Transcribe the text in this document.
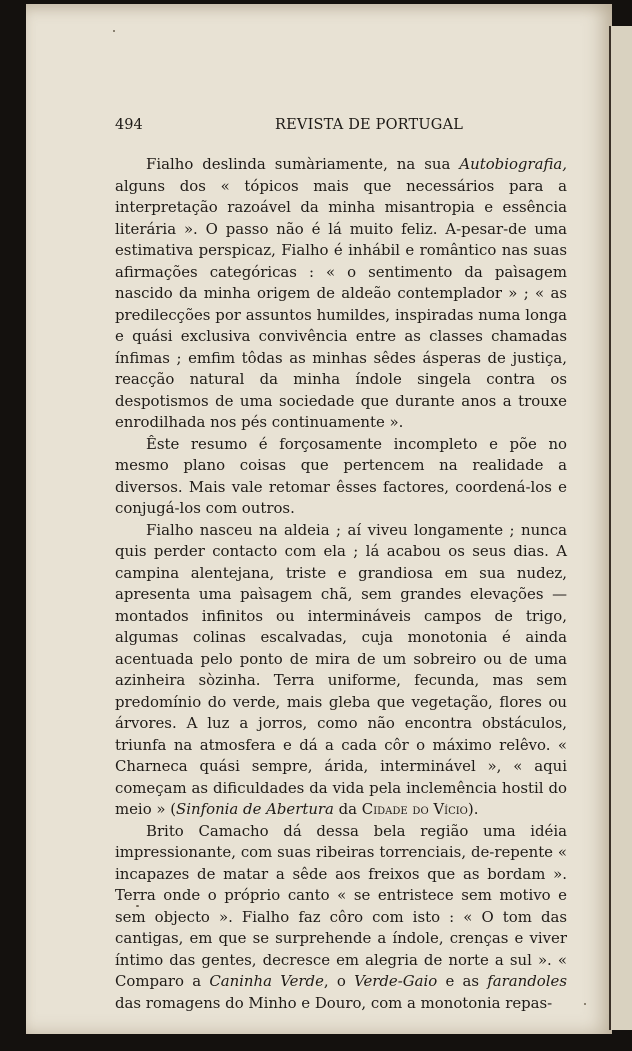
494	REVISTA DE PORTUGAL

Fialho deslinda sumàriamente, na sua Autobiografia, alguns dos « tópicos mais que necessários para a interpretação razoável da minha misantropia e essência literária ». O passo não é lá muito feliz. A-pesar-de uma estimativa perspicaz, Fialho é inhábil e romântico nas suas afirmações categóricas : « o sentimento da paìsagem nascido da minha origem de aldeão contemplador » ; « as predilecções por assuntos humildes, inspiradas numa longa e quási exclusiva convivência entre as classes chamadas ínfimas ; emfim tôdas as minhas sêdes ásperas de justiça, reacção natural da minha índole singela contra os despotismos de uma sociedade que durante anos a trouxe enrodilhada nos pés continuamente ».

Êste resumo é forçosamente incompleto e põe no mesmo plano coisas que pertencem na realidade a diversos. Mais vale retomar êsses factores, coordená-los e conjugá-los com outros.

Fialho nasceu na aldeia ; aí viveu longamente ; nunca quis perder contacto com ela ; lá acabou os seus dias. A campina alentejana, triste e grandiosa em sua nudez, apresenta uma paìsagem chã, sem grandes elevações — montados infinitos ou intermináveis campos de trigo, algumas colinas escalvadas, cuja monotonia é ainda acentuada pelo ponto de mira de um sobreiro ou de uma azinheira sòzinha. Terra uniforme, fecunda, mas sem predomínio do verde, mais gleba que vegetação, flores ou árvores. A luz a jorros, como não encontra obstáculos, triunfa na atmosfera e dá a cada côr o máximo relêvo. « Charneca quási sempre, árida, interminável », « aqui começam as dificuldades da vida pela inclemência hostil do meio » (Sinfonia de Abertura da Cidade do Vício).

Brito Camacho dá dessa bela região uma idéia impressionante, com suas ribeiras torrenciais, de-repente « incapazes de matar a sêde aos freixos que as bordam ». Terra onde o próprio canto « se entristece sem motivo e sem objecto ». Fialho faz côro com isto : « O tom das cantigas, em que se surprehende a índole, crenças e viver íntimo das gentes, decresce em alegria de norte a sul ». « Comparo a Caninha Verde, o Verde-Gaio e as farandoles das romagens do Minho e Douro, com a monotonia repas-
